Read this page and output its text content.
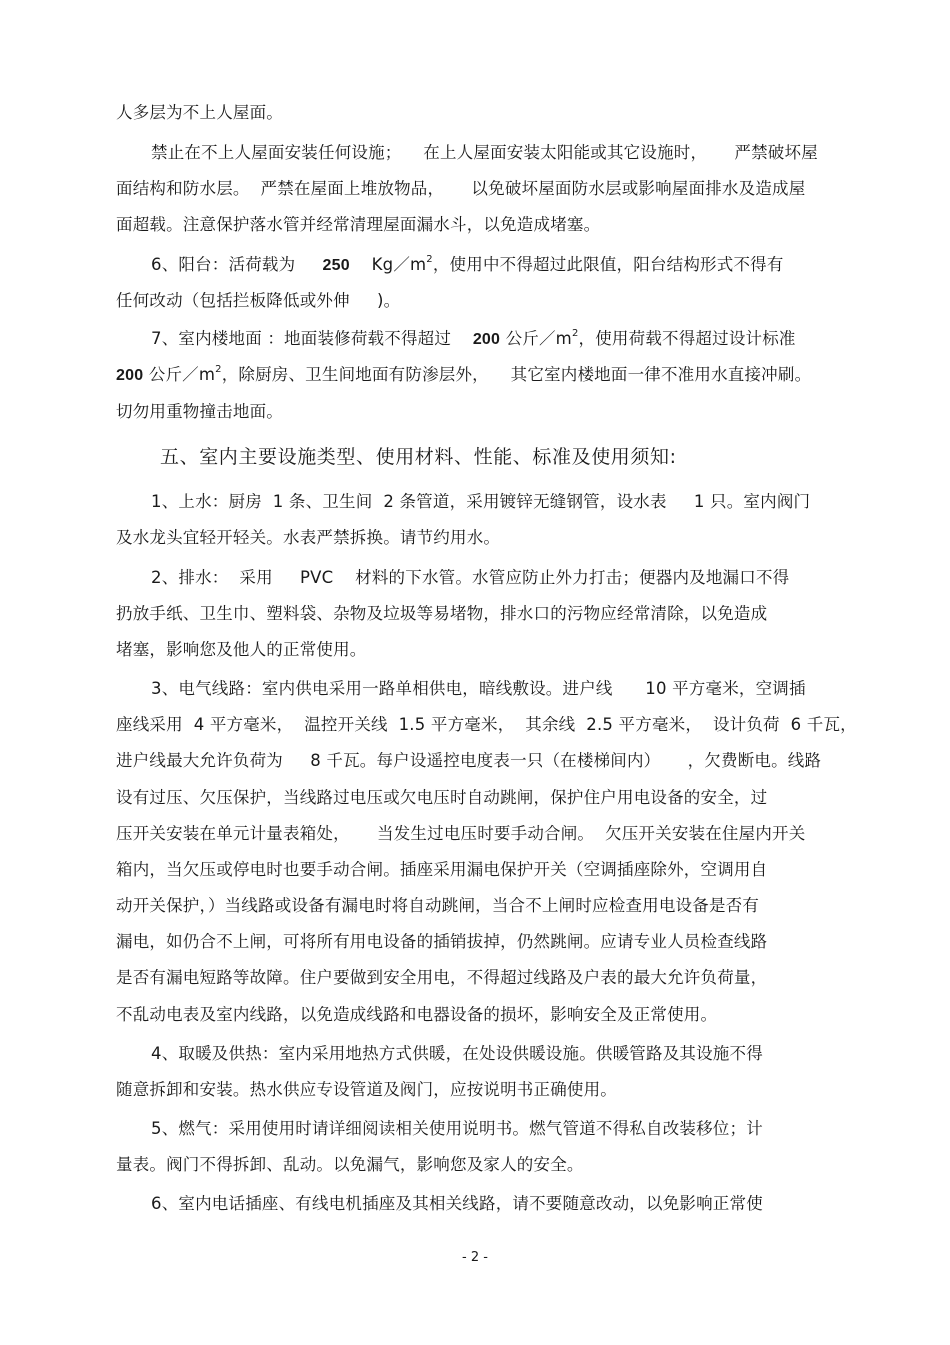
人多层为不上人屋面。
禁止在不上人屋面安装任何设施；    在上人屋面安装太阳能或其它设施时，     严禁破坏屋
面结构和防水层。  严禁在屋面上堆放物品，     以免破坏屋面防水层或影响屋面排水及造成屋
面超载。注意保护落水管并经常清理屋面漏水斗，以免造成堵塞。
6、阳台：活荷载为 250 $Kg/m^2$，使用中不得超过此限值，阳台结构形式不得有
任何改动（包括拦板降低或外伸     )。
7、室内楼地面 ：地面装修荷载不得超过 200 公斤$/m^2$，使用荷载不得超过设计标准
200 公斤$/m^2$，除厨房、卫生间地面有防渗层外，    其它室内楼地面一律不准用水直接冲刷。
切勿用重物撞击地面。
五、室内主要设施类型、使用材料、性能、标准及使用须知:
1、上水：厨房  1 条、卫生间  2 条管道，采用镀锌无缝钢管，设水表     1 只。室内阀门
及水龙头宜轻开轻关。水表严禁拆换。请节约用水。
2、排水：  采用     PVC    材料的下水管。水管应防止外力打击；便器内及地漏口不得
扔放手纸、卫生巾、塑料袋、杂物及垃圾等易堵物，排水口的污物应经常清除，以免造成
堵塞，影响您及他人的正常使用。
3、电气线路：室内供电采用一路单相供电，暗线敷设。进户线      10 平方毫米，空调插
座线采用  4 平方毫米，  温控开关线  1.5 平方毫米，  其余线  2.5 平方毫米，  设计负荷  6 千瓦，
进户线最大允许负荷为     8 千瓦。每户设遥控电度表一只（在楼梯间内）     ，欠费断电。线路
设有过压、欠压保护，当线路过电压或欠电压时自动跳闸，保护住户用电设备的安全，过
压开关安装在单元计量表箱处，     当发生过电压时要手动合闸。  欠压开关安装在住屋内开关
箱内，当欠压或停电时也要手动合闸。插座采用漏电保护开关（空调插座除外，空调用自
动开关保护，）当线路或设备有漏电时将自动跳闸，当合不上闸时应检查用电设备是否有
漏电，如仍合不上闸，可将所有用电设备的插销拔掉，仍然跳闸。应请专业人员检查线路
是否有漏电短路等故障。住户要做到安全用电，不得超过线路及户表的最大允许负荷量，
不乱动电表及室内线路，以免造成线路和电器设备的损坏，影响安全及正常使用。
4、取暖及供热：室内采用地热方式供暖，在处设供暖设施。供暖管路及其设施不得
随意拆卸和安装。热水供应专设管道及阀门，应按说明书正确使用。
5、燃气：采用使用时请详细阅读相关使用说明书。燃气管道不得私自改装移位；计
量表。阀门不得拆卸、乱动。以免漏气，影响您及家人的安全。
6、室内电话插座、有线电机插座及其相关线路，请不要随意改动，以免影响正常使
- 2 -
